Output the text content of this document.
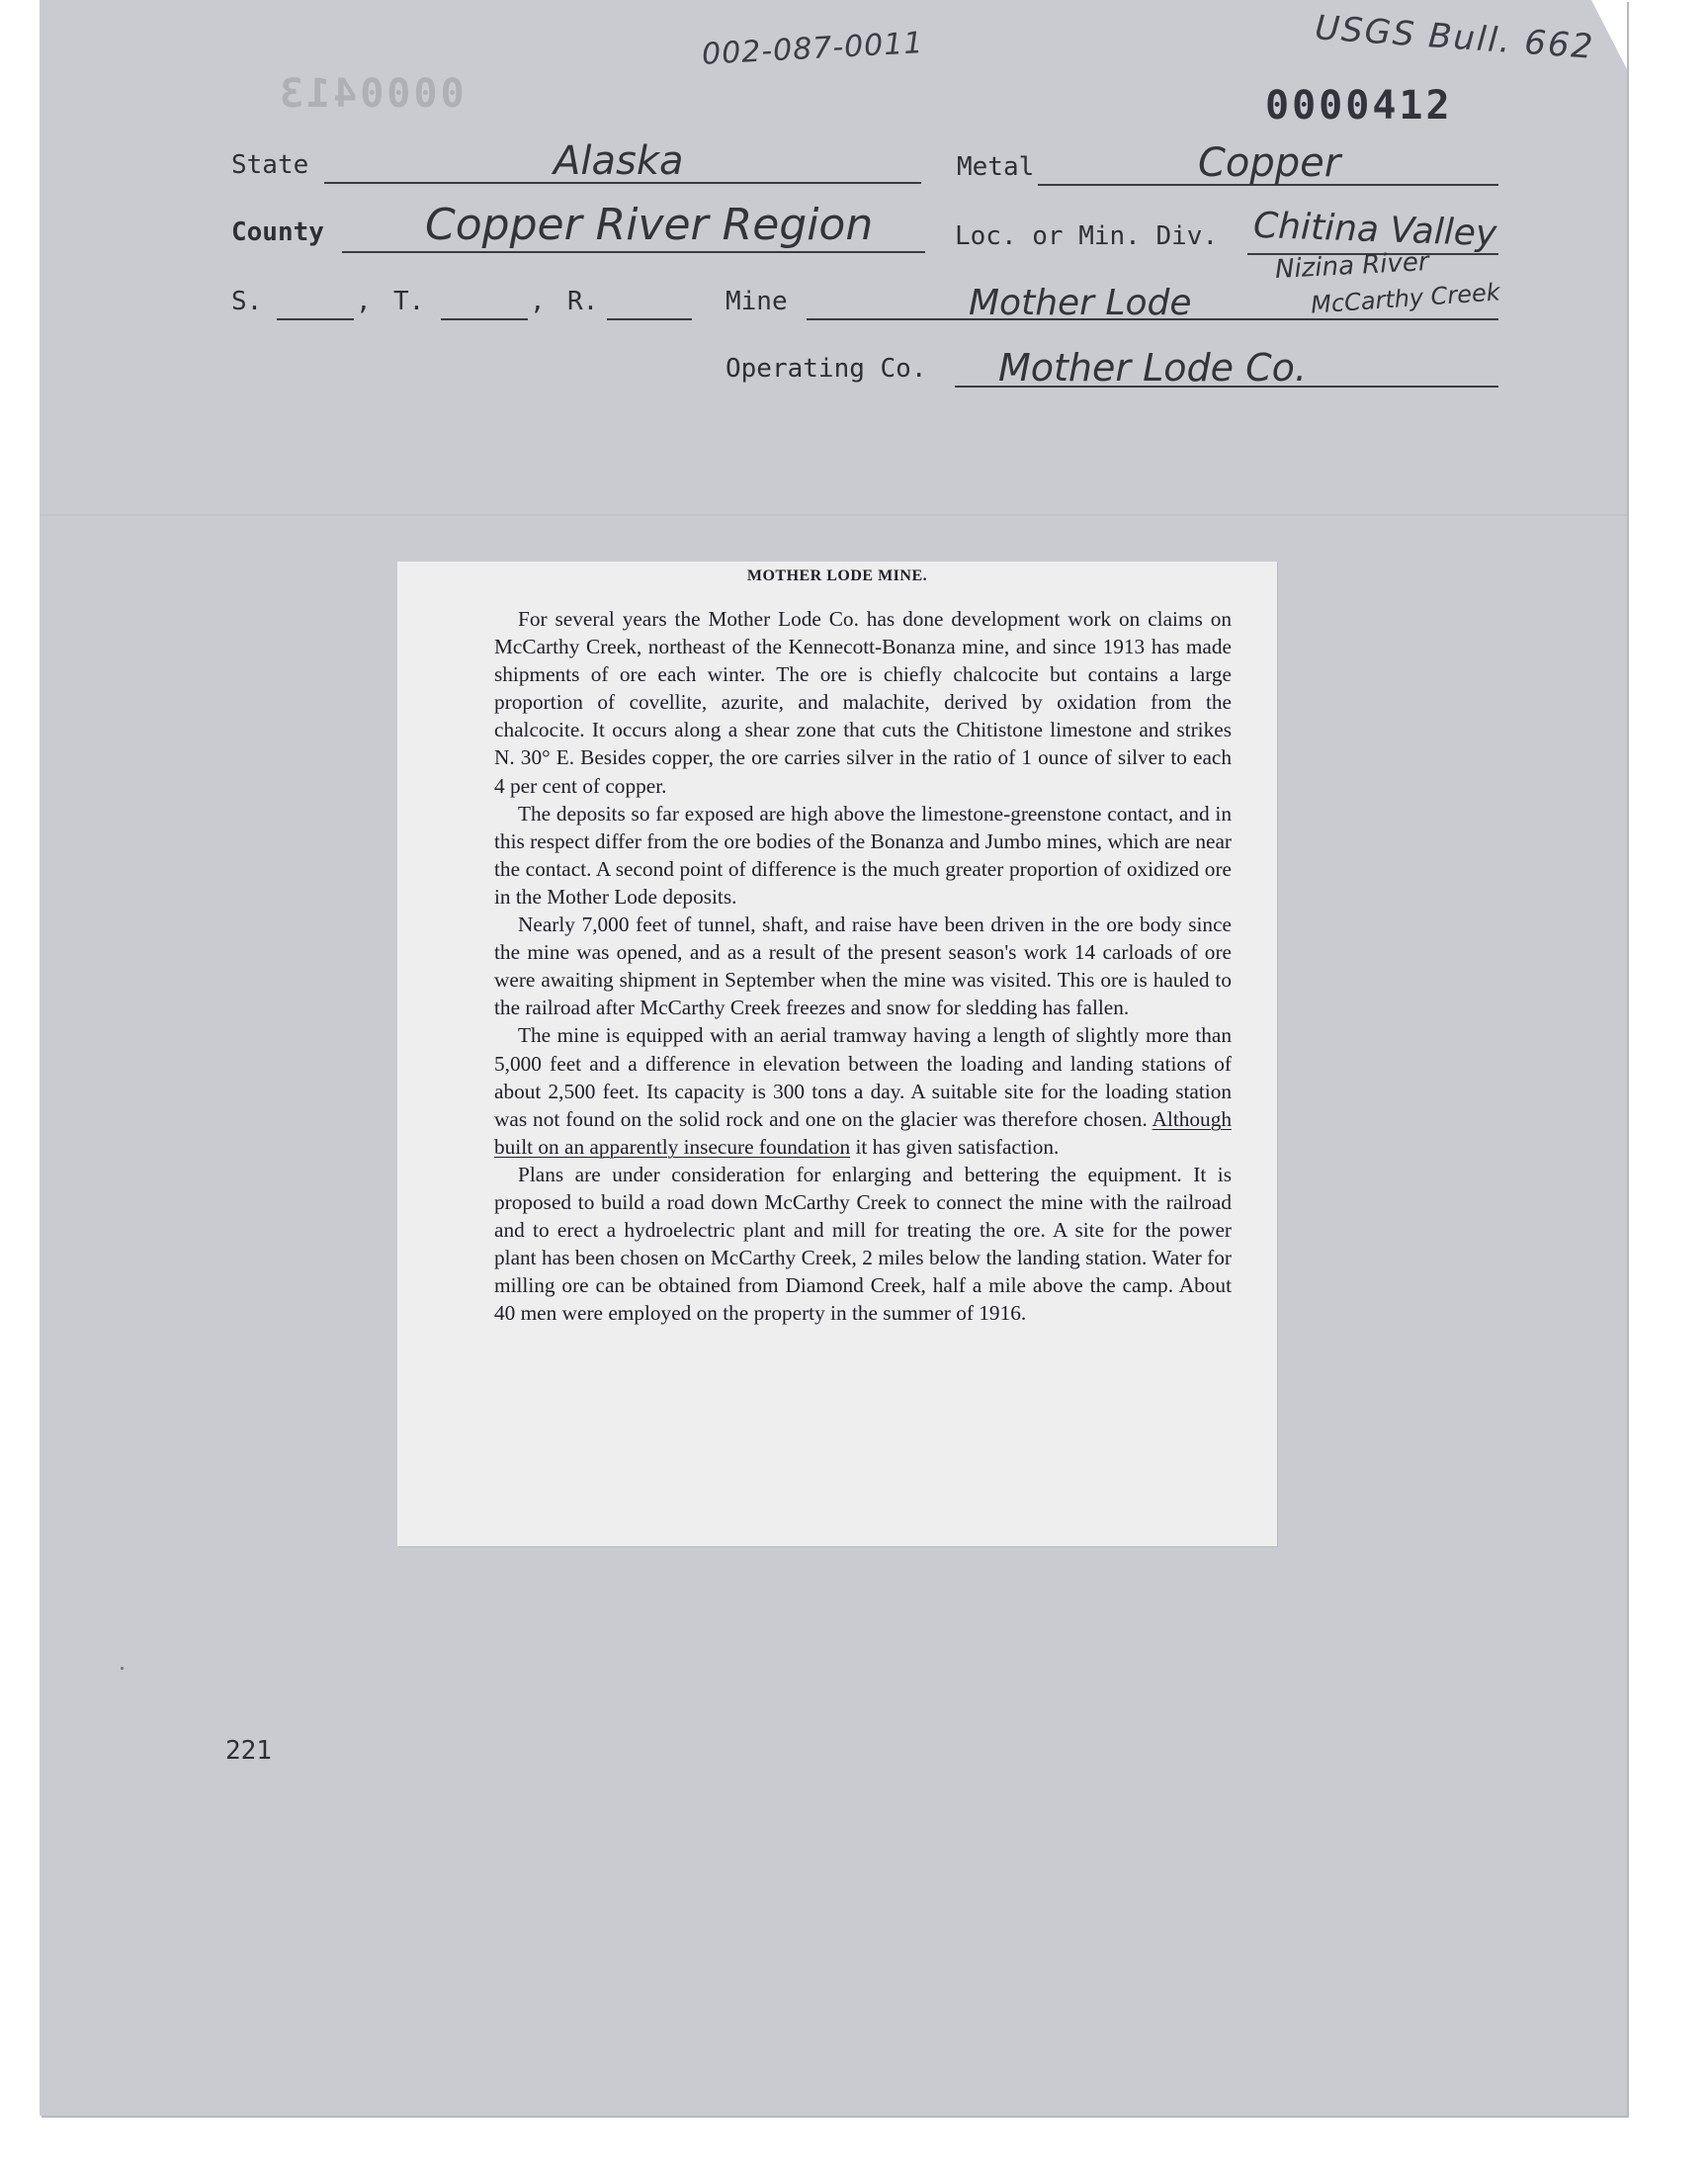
002-087-0011	USGS Bull. 662
0000413	0000412
State	Alaska	Metal	Copper
County Copper River Region	Loc. or Min. Div. Chitina Valley
Nizina River
S.	, T.	, R.	Mine	Mother Lode	McCarthy Creek
Operating Co. Mother Lode Co.
MOTHER LODE MINE.

For several years the Mother Lode Co. has done development work on claims on McCarthy Creek, northeast of the Kennecott-Bonanza mine, and since 1913 has made shipments of ore each winter. The ore is chiefly chalcocite but contains a large proportion of covellite, azurite, and malachite, derived by oxidation from the chalcocite. It occurs along a shear zone that cuts the Chitistone limestone and strikes N. 30° E. Besides copper, the ore carries silver in the ratio of 1 ounce of silver to each 4 per cent of copper.

The deposits so far exposed are high above the limestone-greenstone contact, and in this respect differ from the ore bodies of the Bonanza and Jumbo mines, which are near the contact. A second point of difference is the much greater proportion of oxidized ore in the Mother Lode deposits.

Nearly 7,000 feet of tunnel, shaft, and raise have been driven in the ore body since the mine was opened, and as a result of the present season's work 14 carloads of ore were awaiting shipment in September when the mine was visited. This ore is hauled to the railroad after McCarthy Creek freezes and snow for sledding has fallen.

The mine is equipped with an aerial tramway having a length of slightly more than 5,000 feet and a difference in elevation between the loading and landing stations of about 2,500 feet. Its capacity is 300 tons a day. A suitable site for the loading station was not found on the solid rock and one on the glacier was therefore chosen. Although built on an apparently insecure foundation it has given satisfaction.

Plans are under consideration for enlarging and bettering the equipment. It is proposed to build a road down McCarthy Creek to connect the mine with the railroad and to erect a hydroelectric plant and mill for treating the ore. A site for the power plant has been chosen on McCarthy Creek, 2 miles below the landing station. Water for milling ore can be obtained from Diamond Creek, half a mile above the camp. About 40 men were employed on the property in the summer of 1916.

221
